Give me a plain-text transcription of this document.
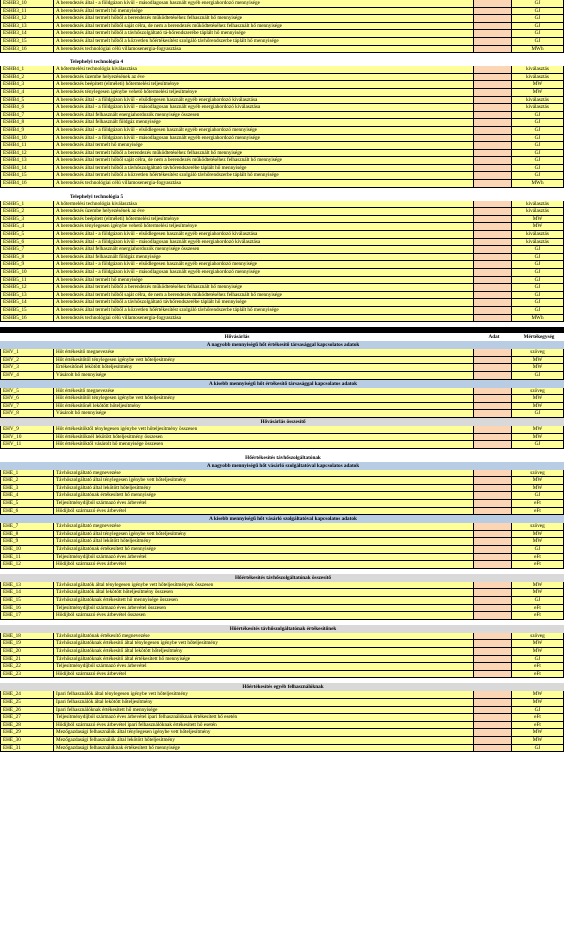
ÉSHB3_10	A berendezés által - a földgázon kívül - másodlagosan használt egyéb energiahordozó mennyisége	GJ
ÉSHB3_11	A berendezés által termelt hő mennyisége	GJ
ÉSHB3_12	A berendezés által termelt hőből a berendezés működtetéséhez felhasznált hő mennyisége	GJ
ÉSHB3_13	A berendezés által termelt hőből saját célra, de nem a berendezés működtetéséhez felhasznált hő mennyisége	GJ
ÉSHB3_14	A berendezés által termelt hőből a távhőszolgáltató tá-hőrendszerébe táplált hő mennyisége	GJ
ÉSHB3_15	A berendezés által termelt hőből a közvetlen hőértékesítést szolgáló távhőrendszerbe táplált hő mennyisége	GJ
ÉSHB3_16	A berendezés technológiai célú villamosenergia-fogyasztása	MWh
Telephelyi technológia 4
ÉSHB4_1	A hőtermelési technológia kiválasztása	kiválasztás
ÉSHB4_2	A berendezés üzembe helyezésének az éve	kiválasztás
ÉSHB4_3	A berendezés beépített (elméleti) hőtermelési teljesítménye	MW
ÉSHB4_4	A berendezés ténylegesen igénybe vehető hőtermelési teljesítménye	MW
ÉSHB4_5	A berendezés által - a földgázon kívül - elsődlegesen használt egyéb energiahordozó kiválasztása	kiválasztás
ÉSHB4_6	A berendezés által - a földgázon kívül - másodlagosan használt egyéb energiahordozó kiválasztása	kiválasztás
ÉSHB4_7	A berendezés által felhasznált energiahordozók mennyisége összesen	GJ
ÉSHB4_8	A berendezés által felhasznált földgáz mennyisége	GJ
ÉSHB4_9	A berendezés által - a földgázon kívül - elsődlegesen használt egyéb energiahordozó mennyisége	GJ
ÉSHB4_10	A berendezés által - a földgázon kívül - másodlagosan használt egyéb energiahordozó mennyisége	GJ
ÉSHB4_11	A berendezés által termelt hő mennyisége	GJ
ÉSHB4_12	A berendezés által termelt hőből a berendezés működtetéséhez felhasznált hő mennyisége	GJ
ÉSHB4_13	A berendezés által termelt hőből saját célra, de nem a berendezés működtetéséhez felhasznált hő mennyisége	GJ
ÉSHB4_14	A berendezés által termelt hőből a távhőszolgáltató távhőrendszerébe táplált hő mennyisége	GJ
ÉSHB4_15	A berendezés által termelt hőből a közvetlen hőértékesítést szolgáló távhőrendszerbe táplált hő mennyisége	GJ
ÉSHB4_16	A berendezés technológiai célú villamosenergia-fogyasztása	MWh
Telephelyi technológia 5
ÉSHB5_1	A hőtermelési technológia kiválasztása	kiválasztás
ÉSHB5_2	A berendezés üzembe helyezésének az éve	kiválasztás
ÉSHB5_3	A berendezés beépített (elméleti) hőtermelési teljesítménye	MW
ÉSHB5_4	A berendezés ténylegesen igénybe vehető hőtermelési teljesítménye	MW
ÉSHB5_5	A berendezés által - a földgázon kívül - elsődlegesen használt egyéb energiahordozó kiválasztása	kiválasztás
ÉSHB5_6	A berendezés által - a földgázon kívül - másodlagosan használt egyéb energiahordozó kiválasztása	kiválasztás
ÉSHB5_7	A berendezés által felhasznált energiahordozók mennyisége összesen	GJ
ÉSHB5_8	A berendezés által felhasznált földgáz mennyisége	GJ
ÉSHB5_9	A berendezés által - a földgázon kívül - elsődlegesen használt egyéb energiahordozó mennyisége	GJ
ÉSHB5_10	A berendezés által - a földgázon kívül - másodlagosan használt egyéb energiahordozó mennyisége	GJ
ÉSHB5_11	A berendezés által termelt hő mennyisége	GJ
ÉSHB5_12	A berendezés által termelt hőből a berendezés működtetéséhez felhasznált hő mennyisége	GJ
ÉSHB5_13	A berendezés által termelt hőből saját célra, de nem a berendezés működtetéséhez felhasznált hő mennyisége	GJ
ÉSHB5_14	A berendezés által termelt hőből a távhőszolgáltató távhőrendszerébe táplált hő mennyisége	GJ
ÉSHB5_15	A berendezés által termelt hőből a közvetlen hőértékesítést szolgáló távhőrendszerbe táplált hő mennyisége	GJ
ÉSHB5_16	A berendezés technológiai célú villamosenergia-fogyasztása	MWh
Hővásárlás	Adat	Mértékegység
A nagyobb mennyiségű hőt értékesítő társasággal kapcsolatos adatok
ÉHV_1	Hőt értékesítő megnevezése	szöveg
ÉHV_2	Hőt értékesítőtől ténylegesen igénybe vett hőteljesítmény	MW
ÉHV_3	Értékesítőnél lekötött hőteljesítmény	MW
ÉHV_4	Vásárolt hő mennyisége	GJ
A kisebb mennyiségű hőt értékesítő társasággal kapcsolatos adatok
ÉHV_5	Hőt értékesítő megnevezése	szöveg
ÉHV_6	Hőt értékesítőtől ténylegesen igénybe vett hőteljesítmény	MW
ÉHV_7	Hőt értékesítőnél lekötött hőteljesítmény	MW
ÉHV_8	Vásárolt hő mennyisége	GJ
Hővásárlás összesítő
ÉHV_9	Hőt értékesítőktől ténylegesen igénybe vett hőteljesítmény összesen	MW
ÉHV_10	Hőt értékesítőknél lekötött hőteljesítmény összesen	MW
ÉHV_11	Hőt értékesítőktől vásárolt hő mennyisége összesen	GJ
Hőértékesítés távhőszolgáltatónak
A nagyobb mennyiségű hőt vásárló szolgáltatóval kapcsolatos adatok
ÉHÉ_1	Távhőszolgáltató megnevezése	szöveg
ÉHÉ_2	Távhőszolgáltató által ténylegesen igénybe vett hőteljesítmény	MW
ÉHÉ_3	Távhőszolgáltató által lekötött hőteljesítmény	MW
ÉHÉ_4	Távhőszolgáltatónak értékesített hő mennyisége	GJ
ÉHÉ_5	Teljesítménydíjból származó éves árbevétel	eFt
ÉHÉ_6	Hődíjból származó éves árbevétel	eFt
A kisebb mennyiségű hőt vásárló szolgáltatóval kapcsolatos adatok
ÉHÉ_7	Távhőszolgáltató megnevezése	szöveg
ÉHÉ_8	Távhőszolgáltató által ténylegesen igénybe vett hőteljesítmény	MW
ÉHÉ_9	Távhőszolgáltató által lekötött hőteljesítmény	MW
ÉHÉ_10	Távhőszolgáltatónak értékesített hő mennyisége	GJ
ÉHÉ_11	Teljesítménydíjból származó éves árbevétel	eFt
ÉHÉ_12	Hődíjból származó éves árbevétel	eFt
Hőértékesítés távhőszolgáltatónak összesítő
ÉHÉ_13	Távhőszolgáltatók által ténylegesen igénybe vett hőteljesítmények összesen	MW
ÉHÉ_14	Távhőszolgáltatók által lekötött hőteljesítmény összesen	MW
ÉHÉ_15	Távhőszolgáltatóknak értékesített hő mennyisége összesen	GJ
ÉHÉ_16	Teljesítménydíjból származó éves árbevétel összesen	eFt
ÉHÉ_17	Hődíjból származó éves árbevétel összesen	eFt
Hőértékesítés távhőszolgáltatónak értékesítőnek
ÉHÉ_18	Távhőszolgáltatónak értékesítő megnevezése	szöveg
ÉHÉ_19	Távhőszolgáltatóknak értékesítő által ténylegesen igénybe vett hőteljesítmény	MW
ÉHÉ_20	Távhőszolgáltatóknak értékesítő által lekötött hőteljesítmény	MW
ÉHÉ_21	Távhőszolgáltatóknak értékesítő által értékesített hő mennyisége	GJ
ÉHÉ_22	Teljesítménydíjból származó éves árbevétel	eFt
ÉHÉ_23	Hődíjból származó éves árbevétel	eFt
Hőértékesítés egyéb felhasználóknak
ÉHÉ_24	Ipari felhasználók által ténylegesen igénybe vett hőteljesítmény	MW
ÉHÉ_25	Ipari felhasználók által lekötött hőteljesítmény	MW
ÉHÉ_26	Ipari felhasználóknak értékesített hő mennyisége	GJ
ÉHÉ_27	Teljesítménydíjból származó éves árbevétel ipari felhasználóknak értékesített hő esetén	eFt
ÉHÉ_28	Hődíjból származó éves árbevétel ipari felhasználóknak értékesített hő esetén	eFt
ÉHÉ_29	Mezőgazdasági felhasználók által ténylegesen igénybe vett hőteljesítmény	MW
ÉHÉ_30	Mezőgazdasági felhasználók által lekötött hőteljesítmény	MW
ÉHÉ_31	Mezőgazdasági felhasználóknak értékesített hő mennyisége	GJ
